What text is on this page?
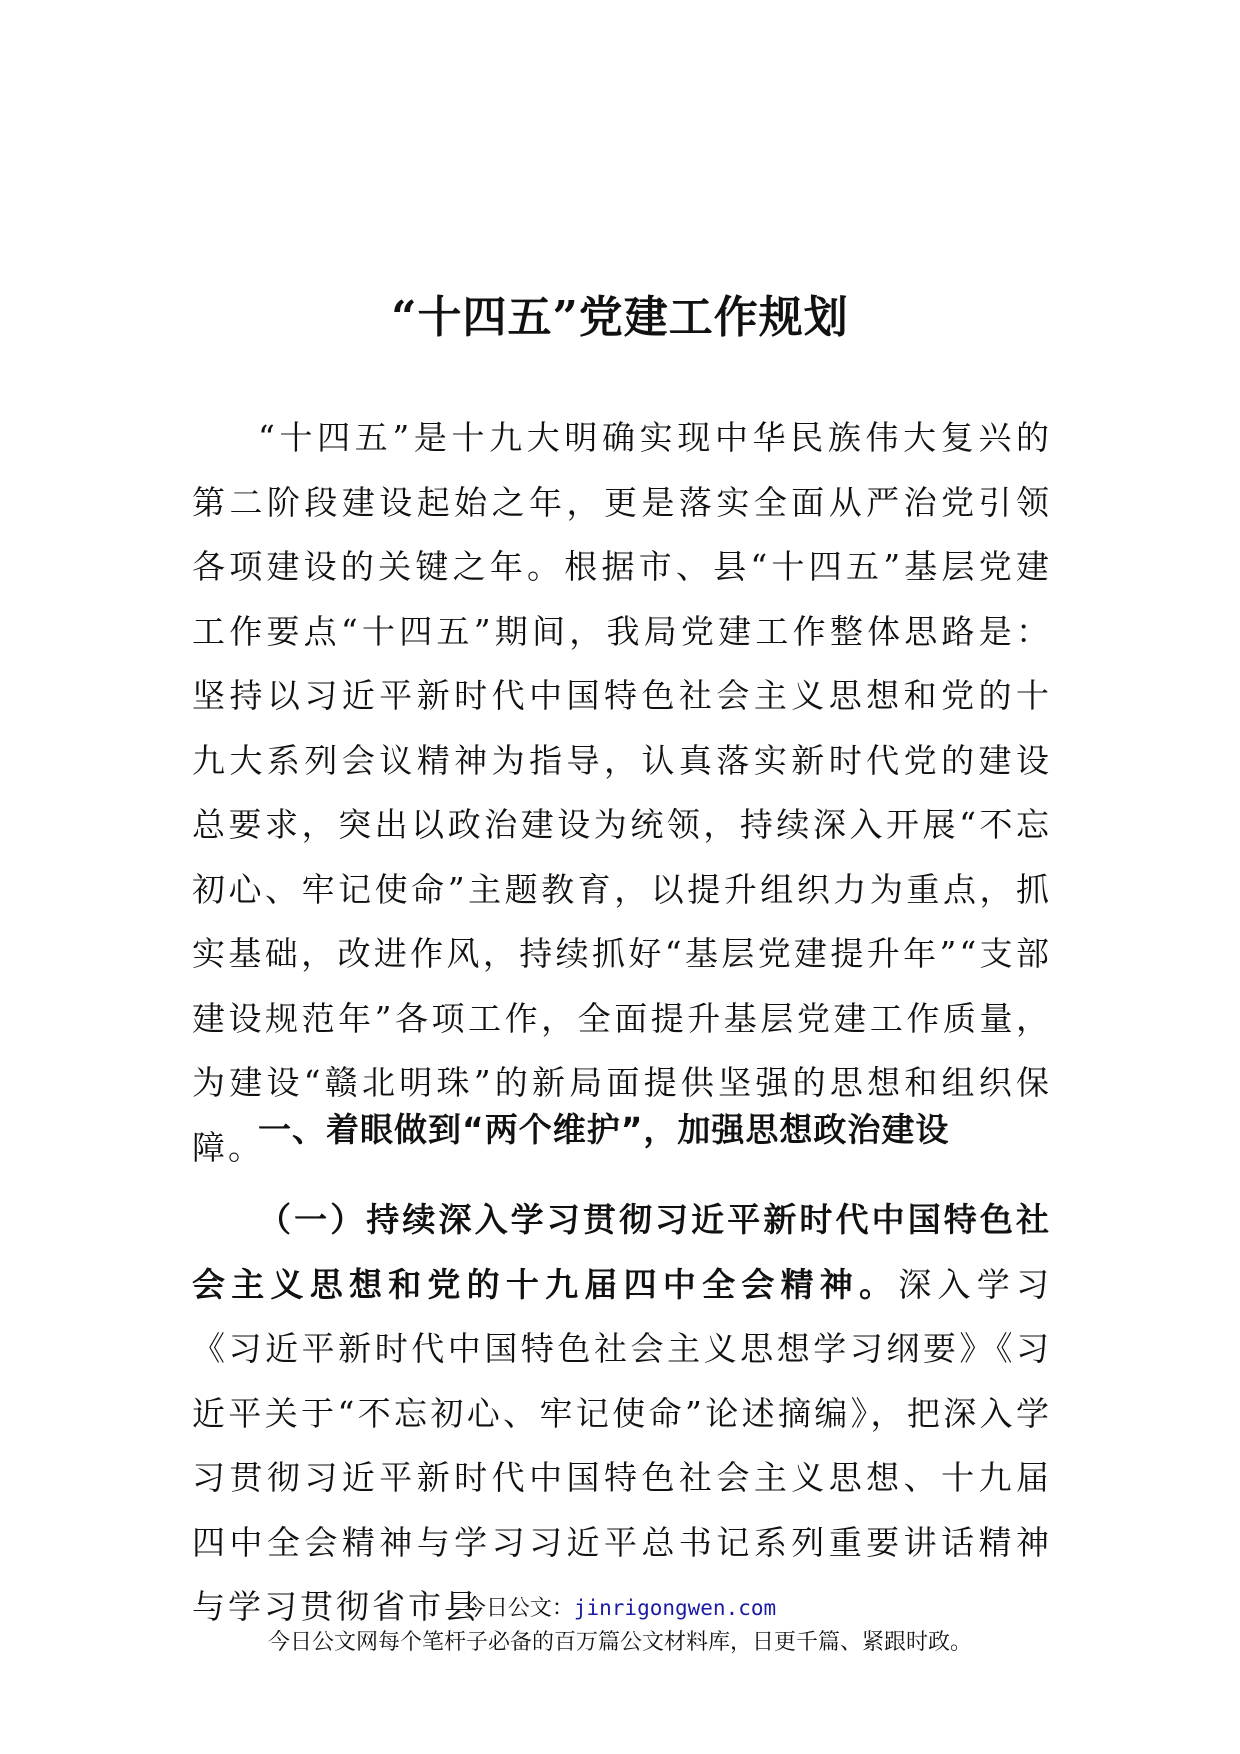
“十四五”党建工作规划
“十四五”是十九大明确实现中华民族伟大复兴的第二阶段建设起始之年，更是落实全面从严治党引领各项建设的关键之年。根据市、县“十四五”基层党建工作要点“十四五”期间，我局党建工作整体思路是：坚持以习近平新时代中国特色社会主义思想和党的十九大系列会议精神为指导，认真落实新时代党的建设总要求，突出以政治建设为统领，持续深入开展“不忘初心、牢记使命”主题教育，以提升组织力为重点，抓实基础，改进作风，持续抓好“基层党建提升年”“支部建设规范年”各项工作，全面提升基层党建工作质量，为建设“赣北明珠”的新局面提供坚强的思想和组织保障。
一、着眼做到“两个维护”，加强思想政治建设
（一）持续深入学习贯彻习近平新时代中国特色社会主义思想和党的十九届四中全会精神。深入学习《习近平新时代中国特色社会主义思想学习纲要》《习近平关于“不忘初心、牢记使命”论述摘编》，把深入学习贯彻习近平新时代中国特色社会主义思想、十九届四中全会精神与学习习近平总书记系列重要讲话精神与学习贯彻省市县
今日公文：jinrigongwen.com
今日公文网每个笔杆子必备的百万篇公文材料库，日更千篇、紧跟时政。
